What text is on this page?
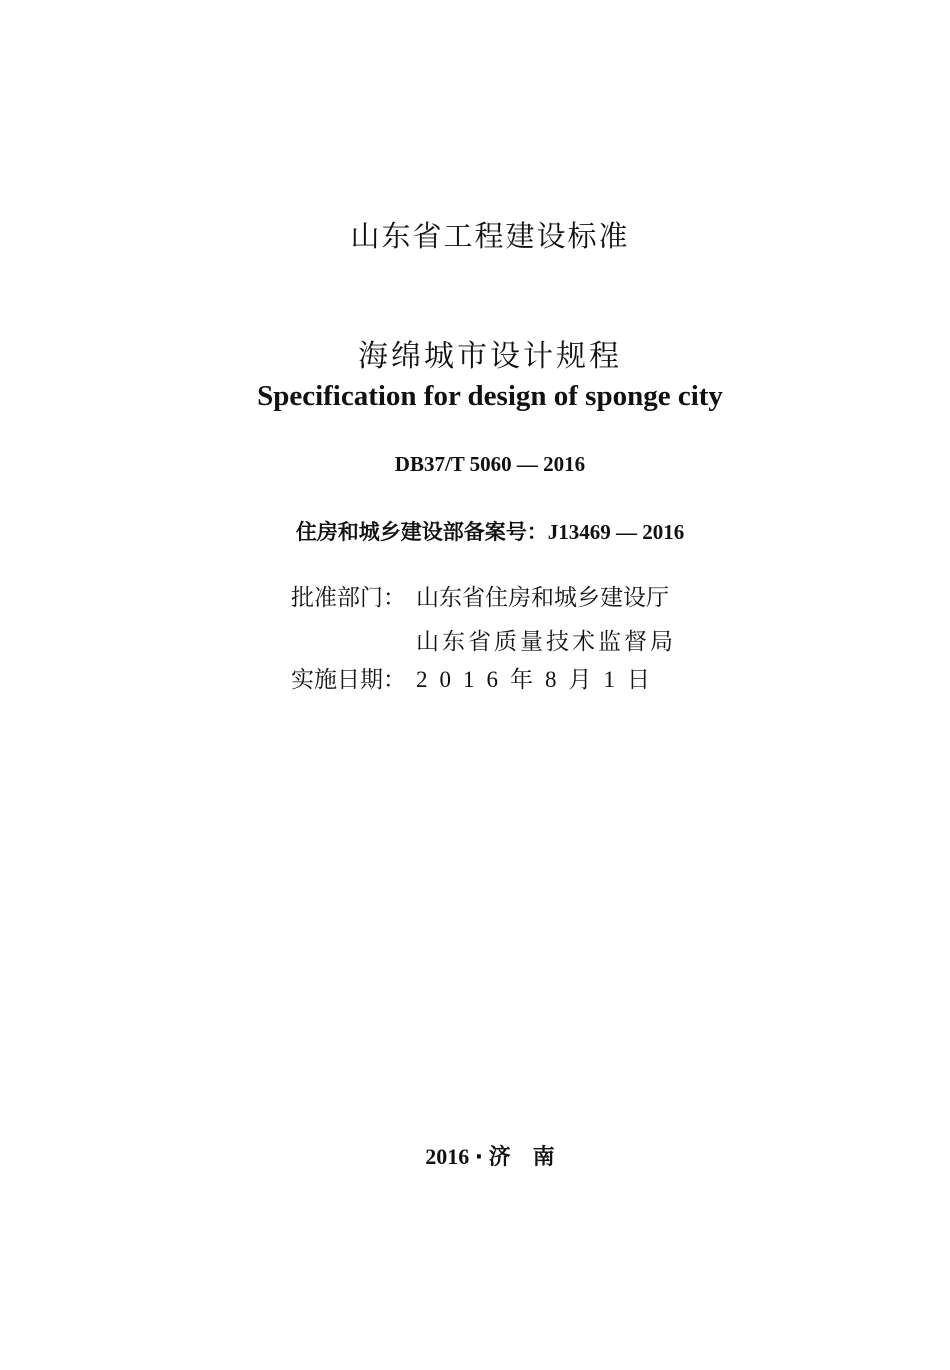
山东省工程建设标准
海绵城市设计规程
Specification for design of sponge city
DB37/T 5060 — 2016
住房和城乡建设部备案号：J13469 — 2016
批准部门： 山东省住房和城乡建设厅
山东省质量技术监督局
实施日期： 2016年8月1日
2016 · 济 南
